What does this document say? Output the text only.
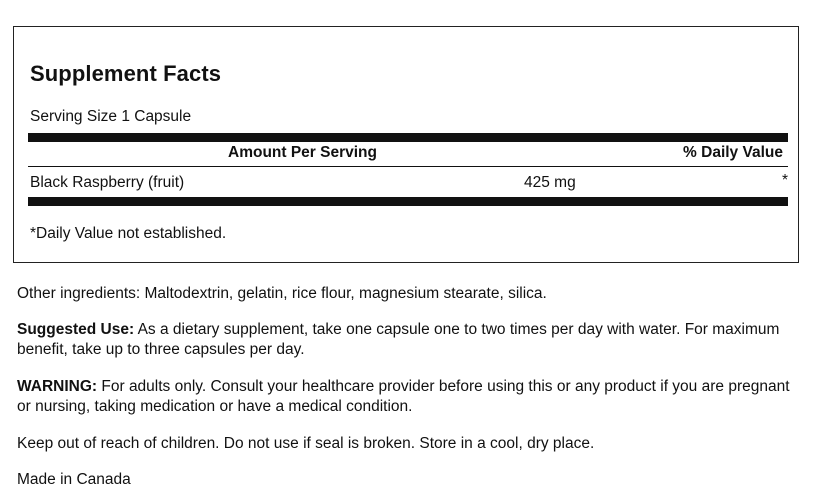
Supplement Facts
Serving Size 1 Capsule
Amount Per Serving	% Daily Value
Black Raspberry (fruit)	425 mg	*
*Daily Value not established.

Other ingredients: Maltodextrin, gelatin, rice flour, magnesium stearate, silica.

Suggested Use: As a dietary supplement, take one capsule one to two times per day with water. For maximum benefit, take up to three capsules per day.

WARNING: For adults only. Consult your healthcare provider before using this or any product if you are pregnant or nursing, taking medication or have a medical condition.

Keep out of reach of children. Do not use if seal is broken. Store in a cool, dry place.

Made in Canada
